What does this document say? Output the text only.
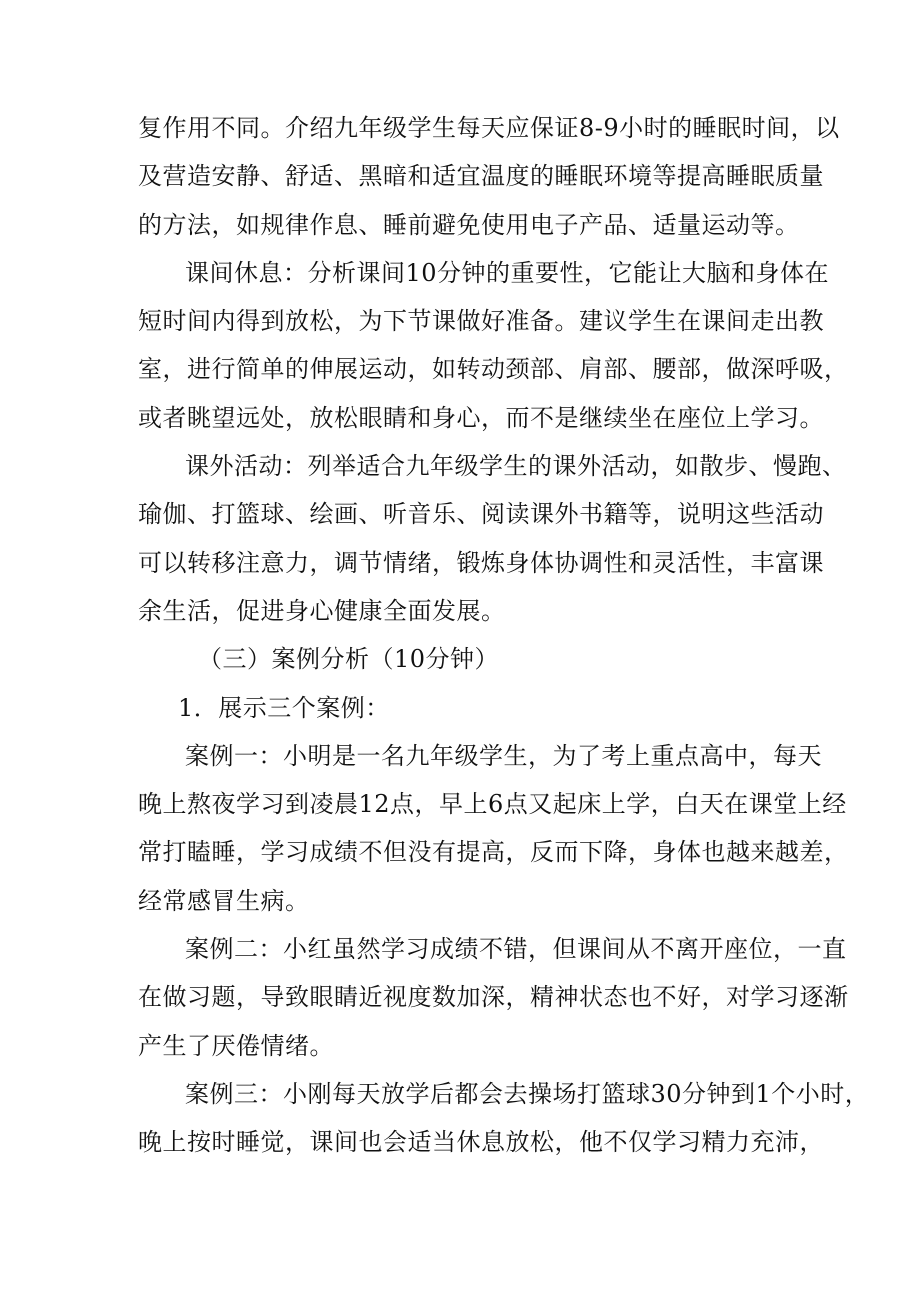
复作用不同。介绍九年级学生每天应保证8-9小时的睡眠时间，以
及营造安静、舒适、黑暗和适宜温度的睡眠环境等提高睡眠质量
的方法，如规律作息、睡前避免使用电子产品、适量运动等。
课间休息：分析课间10分钟的重要性，它能让大脑和身体在
短时间内得到放松，为下节课做好准备。建议学生在课间走出教
室，进行简单的伸展运动，如转动颈部、肩部、腰部，做深呼吸，
或者眺望远处，放松眼睛和身心，而不是继续坐在座位上学习。
课外活动：列举适合九年级学生的课外活动，如散步、慢跑、
瑜伽、打篮球、绘画、听音乐、阅读课外书籍等，说明这些活动
可以转移注意力，调节情绪，锻炼身体协调性和灵活性，丰富课
余生活，促进身心健康全面发展。
（三）案例分析（10分钟）
1．展示三个案例：
案例一：小明是一名九年级学生，为了考上重点高中，每天
晚上熬夜学习到凌晨12点，早上6点又起床上学，白天在课堂上经
常打瞌睡，学习成绩不但没有提高，反而下降，身体也越来越差，
经常感冒生病。
案例二：小红虽然学习成绩不错，但课间从不离开座位，一直
在做习题，导致眼睛近视度数加深，精神状态也不好，对学习逐渐
产生了厌倦情绪。
案例三：小刚每天放学后都会去操场打篮球30分钟到1个小时，
晚上按时睡觉，课间也会适当休息放松，他不仅学习精力充沛，
